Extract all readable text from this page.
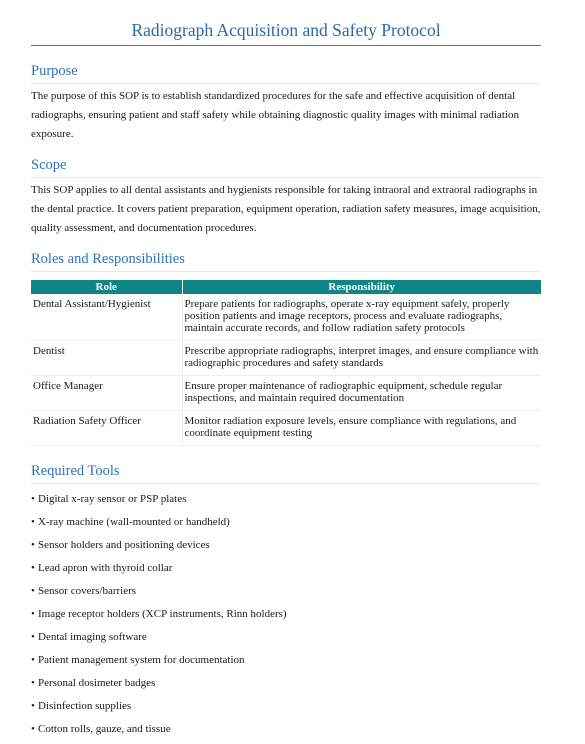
Radiograph Acquisition and Safety Protocol
Purpose

The purpose of this SOP is to establish standardized procedures for the safe and effective acquisition of dental radiographs, ensuring patient and staff safety while obtaining diagnostic quality images with minimal radiation exposure.

Scope

This SOP applies to all dental assistants and hygienists responsible for taking intraoral and extraoral radiographs in the dental practice. It covers patient preparation, equipment operation, radiation safety measures, image acquisition, quality assessment, and documentation procedures.

Roles and Responsibilities
Role	Responsibility
Dental Assistant/Hygienist	Prepare patients for radiographs, operate x-ray equipment safely, properly position patients and image receptors, process and evaluate radiographs, maintain accurate records, and follow radiation safety protocols
Dentist	Prescribe appropriate radiographs, interpret images, and ensure compliance with radiographic procedures and safety standards
Office Manager	Ensure proper maintenance of radiographic equipment, schedule regular inspections, and maintain required documentation
Radiation Safety Officer	Monitor radiation exposure levels, ensure compliance with regulations, and coordinate equipment testing
Required Tools
• Digital x-ray sensor or PSP plates
• X-ray machine (wall-mounted or handheld)
• Sensor holders and positioning devices
• Lead apron with thyroid collar
• Sensor covers/barriers
• Image receptor holders (XCP instruments, Rinn holders)
• Dental imaging software
• Patient management system for documentation
• Personal dosimeter badges
• Disinfection supplies
• Cotton rolls, gauze, and tissue
